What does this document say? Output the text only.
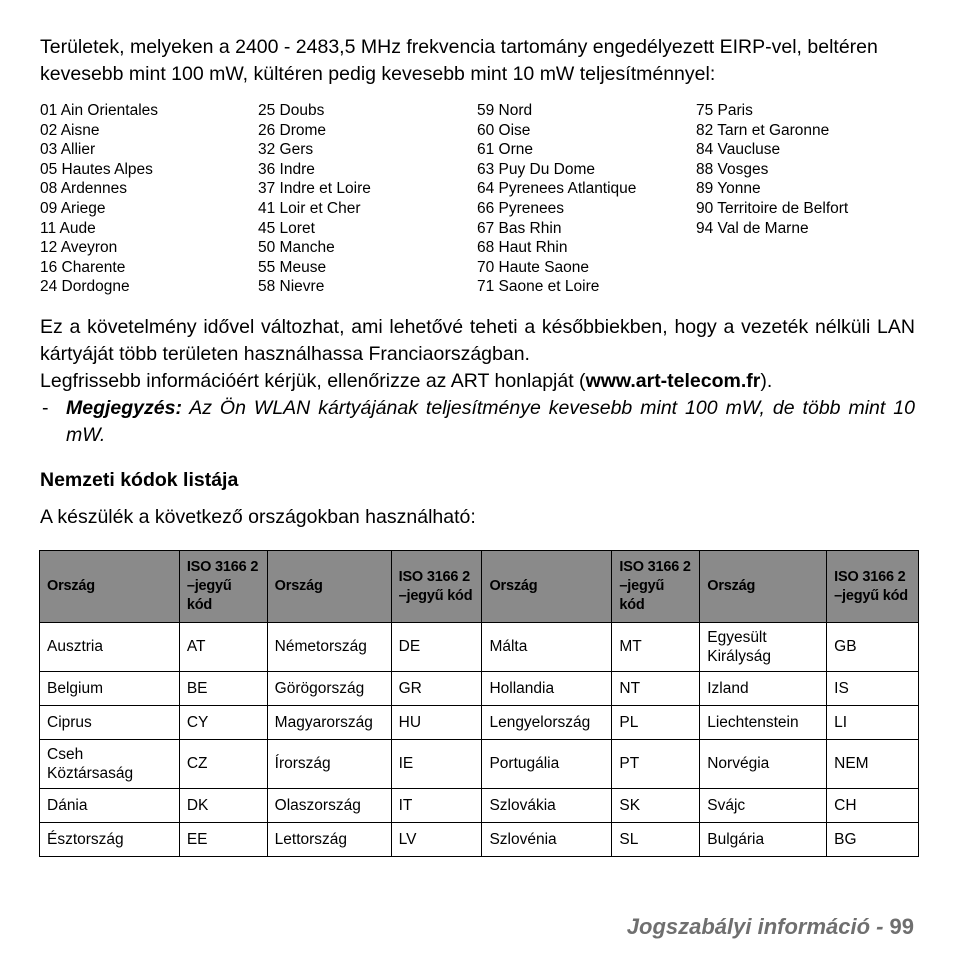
Területek, melyeken a 2400 - 2483,5 MHz frekvencia tartomány engedélyezett EIRP-vel, beltéren kevesebb mint 100 mW, kültéren pedig kevesebb mint 10 mW teljesítménnyel:

01 Ain Orientales
02 Aisne
03 Allier
05 Hautes Alpes
08 Ardennes
09 Ariege
11 Aude
12 Aveyron
16 Charente
24 Dordogne
25 Doubs
26 Drome
32 Gers
36 Indre
37 Indre et Loire
41 Loir et Cher
45 Loret
50 Manche
55 Meuse
58 Nievre
59 Nord
60 Oise
61 Orne
63 Puy Du Dome
64 Pyrenees Atlantique
66 Pyrenees
67 Bas Rhin
68 Haut Rhin
70 Haute Saone
71 Saone et Loire
75 Paris
82 Tarn et Garonne
84 Vaucluse
88 Vosges
89 Yonne
90 Territoire de Belfort
94 Val de Marne

Ez a követelmény idővel változhat, ami lehetővé teheti a későbbiekben, hogy a vezeték nélküli LAN kártyáját több területen használhassa Franciaországban.

Legfrissebb információért kérjük, ellenőrizze az ART honlapját (www.art-telecom.fr).

- Megjegyzés: Az Ön WLAN kártyájának teljesítménye kevesebb mint 100 mW, de több mint 10 mW.

Nemzeti kódok listája

A készülék a következő országokban használható:

Ország	ISO 3166 2 –jegyű kód	Ország	ISO 3166 2 –jegyű kód	Ország	ISO 3166 2 –jegyű kód	Ország	ISO 3166 2 –jegyű kód
Ausztria	AT	Németország	DE	Málta	MT	Egyesült Királyság	GB
Belgium	BE	Görögország	GR	Hollandia	NT	Izland	IS
Ciprus	CY	Magyarország	HU	Lengyelország	PL	Liechtenstein	LI
Cseh Köztársaság	CZ	Írország	IE	Portugália	PT	Norvégia	NEM
Dánia	DK	Olaszország	IT	Szlovákia	SK	Svájc	CH
Észtország	EE	Lettország	LV	Szlovénia	SL	Bulgária	BG
Jogszabályi információ - 99
